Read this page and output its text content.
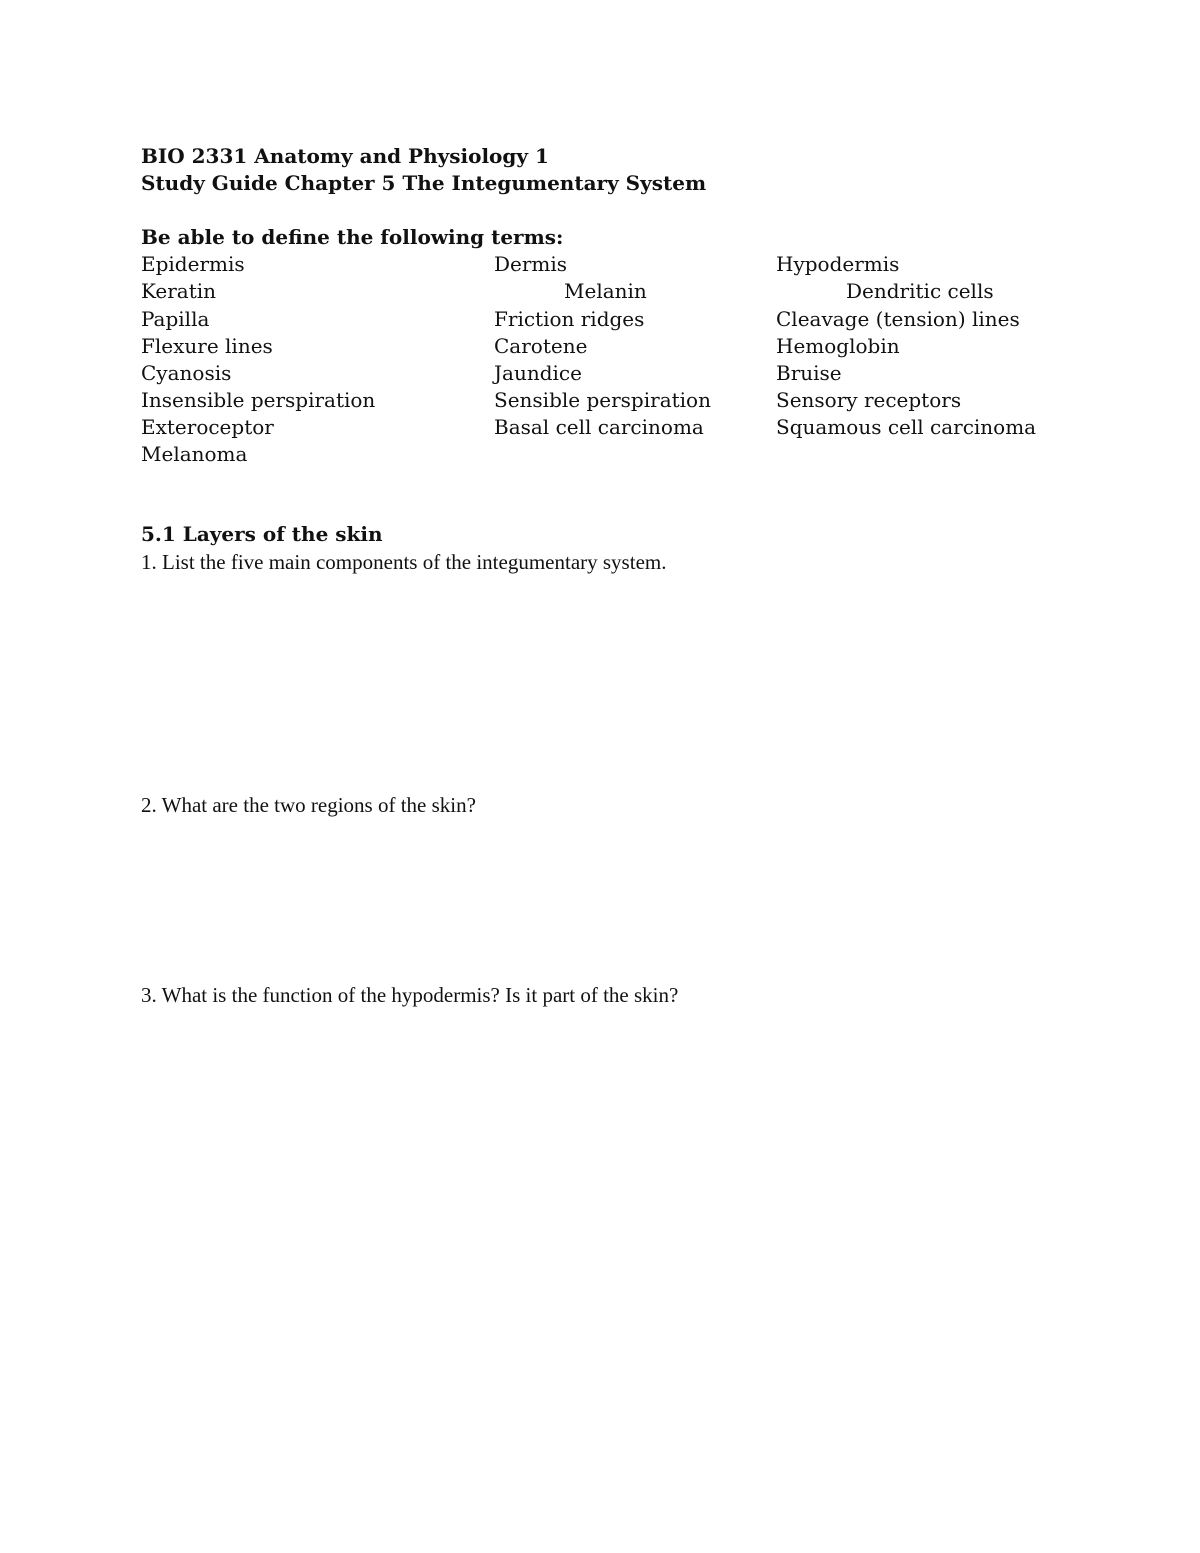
BIO 2331 Anatomy and Physiology 1
Study Guide Chapter 5 The Integumentary System
Be able to define the following terms:
Epidermis	Dermis	Hypodermis
Keratin	Melanin	Dendritic cells
Papilla	Friction ridges	Cleavage (tension) lines
Flexure lines	Carotene	Hemoglobin
Cyanosis	Jaundice	Bruise
Insensible perspiration	Sensible perspiration	Sensory receptors
Exteroceptor	Basal cell carcinoma	Squamous cell carcinoma
Melanoma
5.1 Layers of the skin
1. List the five main components of the integumentary system.
2. What are the two regions of the skin?
3. What is the function of the hypodermis? Is it part of the skin?
